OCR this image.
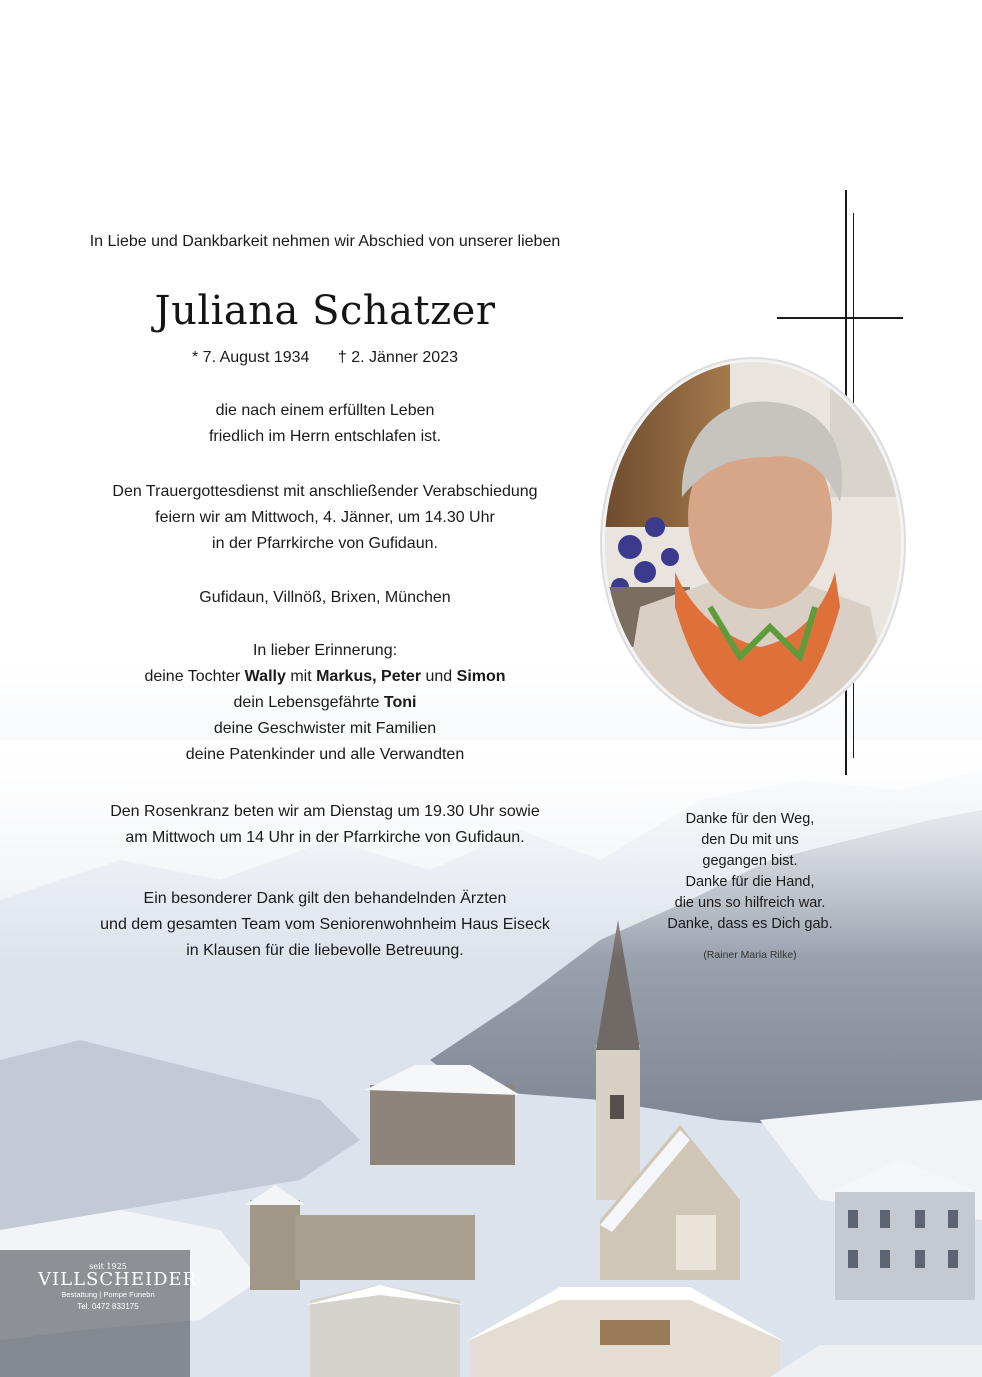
In Liebe und Dankbarkeit nehmen wir Abschied von unserer lieben
Juliana Schatzer
* 7. August 1934 † 2. Jänner 2023
die nach einem erfüllten Leben
friedlich im Herrn entschlafen ist.
Den Trauergottesdienst mit anschließender Verabschiedung
feiern wir am Mittwoch, 4. Jänner, um 14.30 Uhr
in der Pfarrkirche von Gufidaun.
Gufidaun, Villnöß, Brixen, München
In lieber Erinnerung:
deine Tochter Wally mit Markus, Peter und Simon
dein Lebensgefährte Toni
deine Geschwister mit Familien
deine Patenkinder und alle Verwandten
Den Rosenkranz beten wir am Dienstag um 19.30 Uhr sowie
am Mittwoch um 14 Uhr in der Pfarrkirche von Gufidaun.
Ein besonderer Dank gilt den behandelnden Ärzten
und dem gesamten Team vom Seniorenwohnheim Haus Eiseck
in Klausen für die liebevolle Betreuung.
Danke für den Weg,
den Du mit uns
gegangen bist.
Danke für die Hand,
die uns so hilfreich war.
Danke, dass es Dich gab.
(Rainer Maria Rilke)
seit 1925
VILLSCHEIDER
Bestattung | Pompe Funebri
Tel. 0472 833175
